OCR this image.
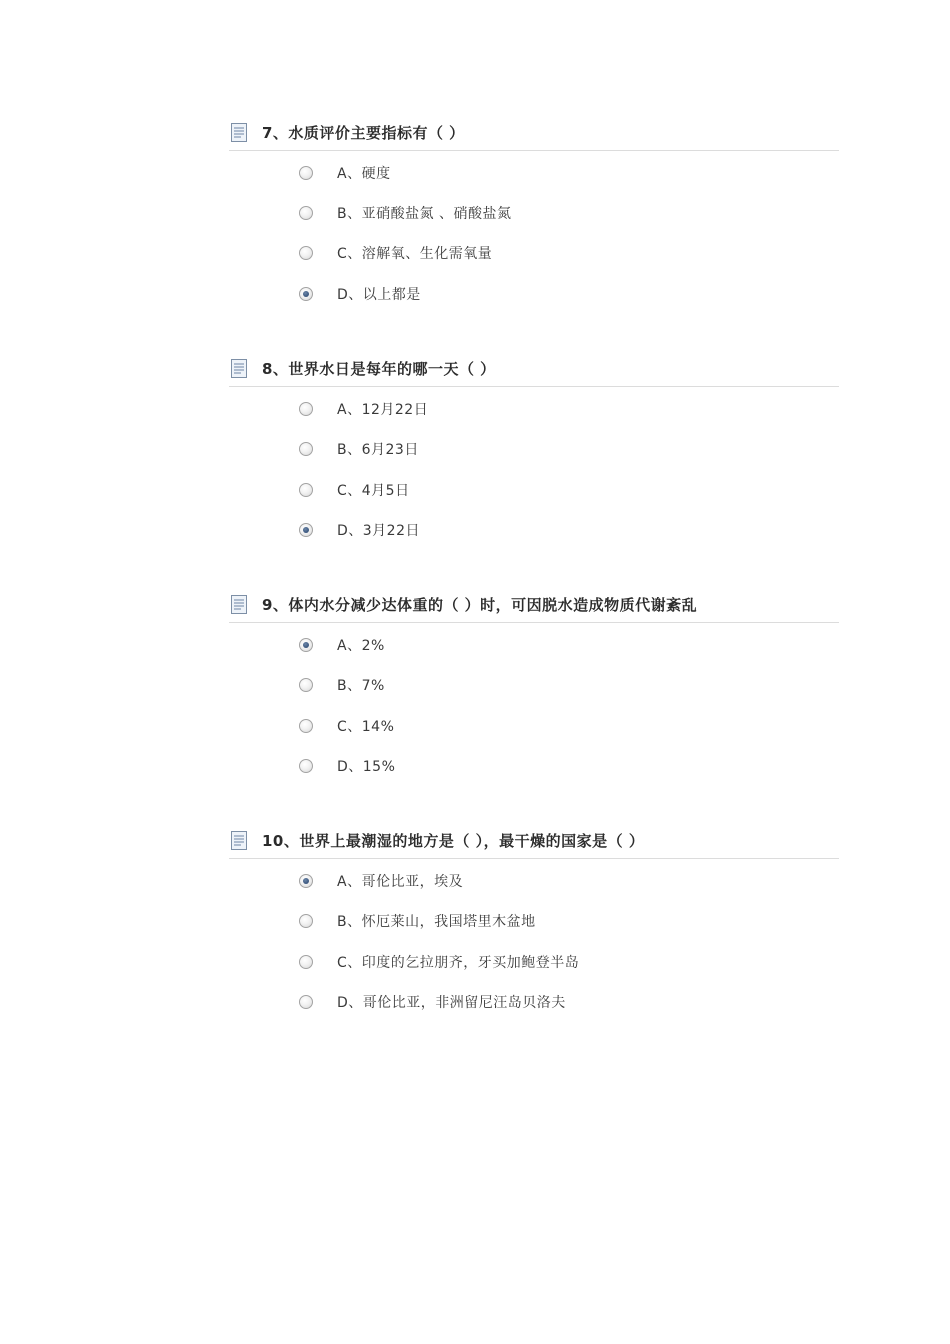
7、水质评价主要指标有（ ）
A、硬度
B、亚硝酸盐氮 、硝酸盐氮
C、溶解氧、生化需氧量
D、以上都是
8、世界水日是每年的哪一天（ ）
A、12月22日
B、6月23日
C、4月5日
D、3月22日
9、体内水分减少达体重的（ ）时，可因脱水造成物质代谢紊乱
A、2%
B、7%
C、14%
D、15%
10、世界上最潮湿的地方是（ ），最干燥的国家是（ ）
A、哥伦比亚，埃及
B、怀厄莱山，我国塔里木盆地
C、印度的乞拉朋齐，牙买加鲍登半岛
D、哥伦比亚，非洲留尼汪岛贝洛夫
